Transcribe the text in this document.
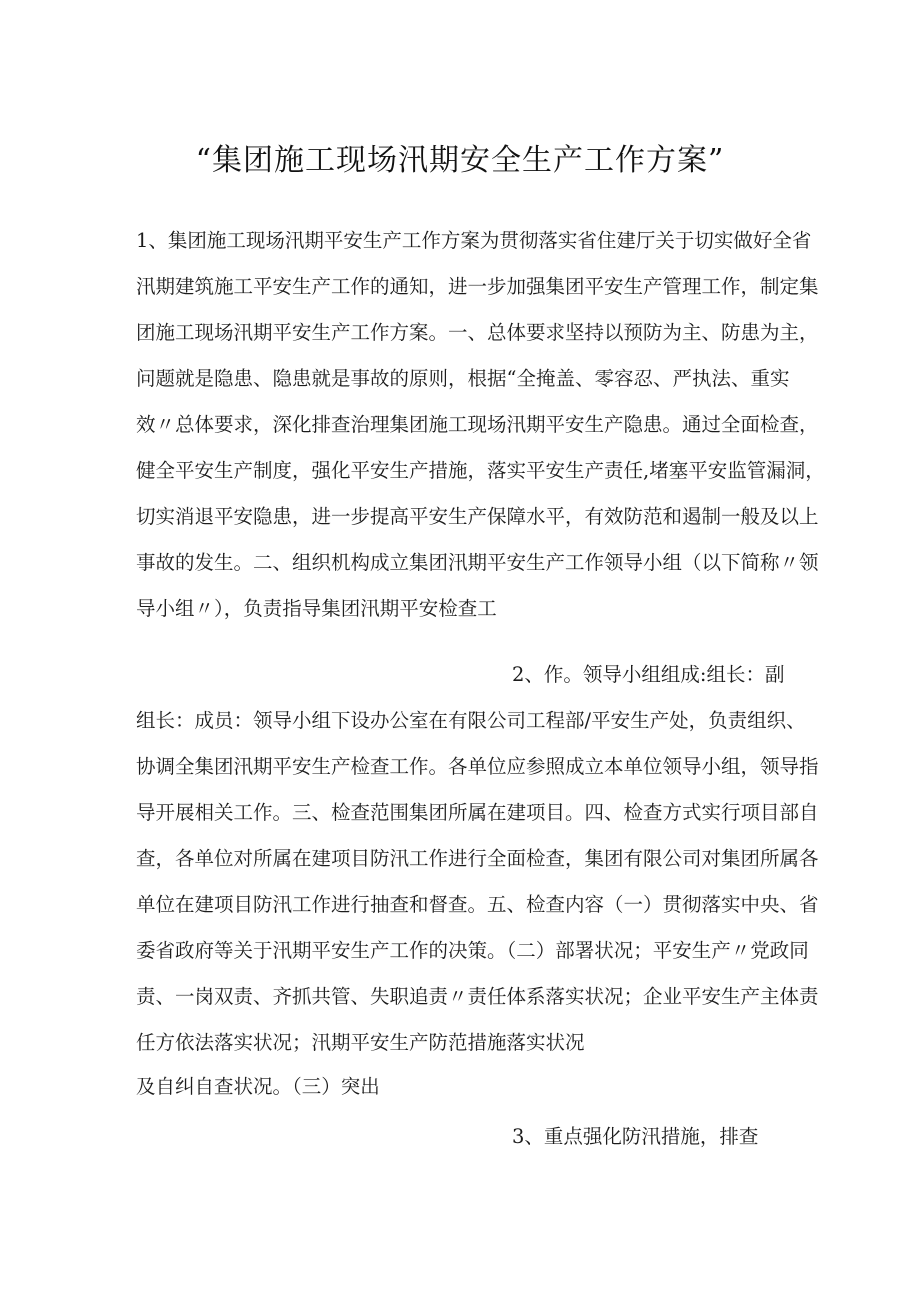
“集团施工现场汛期安全生产工作方案”
1、集团施工现场汛期平安生产工作方案为贯彻落实省住建厅关于切实做好全省
汛期建筑施工平安生产工作的通知，进一步加强集团平安生产管理工作，制定集
团施工现场汛期平安生产工作方案。一、总体要求坚持以预防为主、防患为主，
问题就是隐患、隐患就是事故的原则，根据“全掩盖、零容忍、严执法、重实
效〃总体要求，深化排查治理集团施工现场汛期平安生产隐患。通过全面检查，
健全平安生产制度，强化平安生产措施，落实平安生产责任,堵塞平安监管漏洞，
切实消退平安隐患，进一步提高平安生产保障水平，有效防范和遏制一般及以上
事故的发生。二、组织机构成立集团汛期平安生产工作领导小组（以下简称〃领
导小组〃），负责指导集团汛期平安检查工
2、作。领导小组组成:组长：副
组长：成员：领导小组下设办公室在有限公司工程部/平安生产处，负责组织、
协调全集团汛期平安生产检查工作。各单位应参照成立本单位领导小组，领导指
导开展相关工作。三、检查范围集团所属在建项目。四、检查方式实行项目部自
查，各单位对所属在建项目防汛工作进行全面检查，集团有限公司对集团所属各
单位在建项目防汛工作进行抽查和督查。五、检查内容（一）贯彻落实中央、省
委省政府等关于汛期平安生产工作的决策。（二）部署状况；平安生产〃党政同
责、一岗双责、齐抓共管、失职追责〃责任体系落实状况；企业平安生产主体责
任方依法落实状况；汛期平安生产防范措施落实状况
及自纠自查状况。（三）突出
3、重点强化防汛措施，排查
